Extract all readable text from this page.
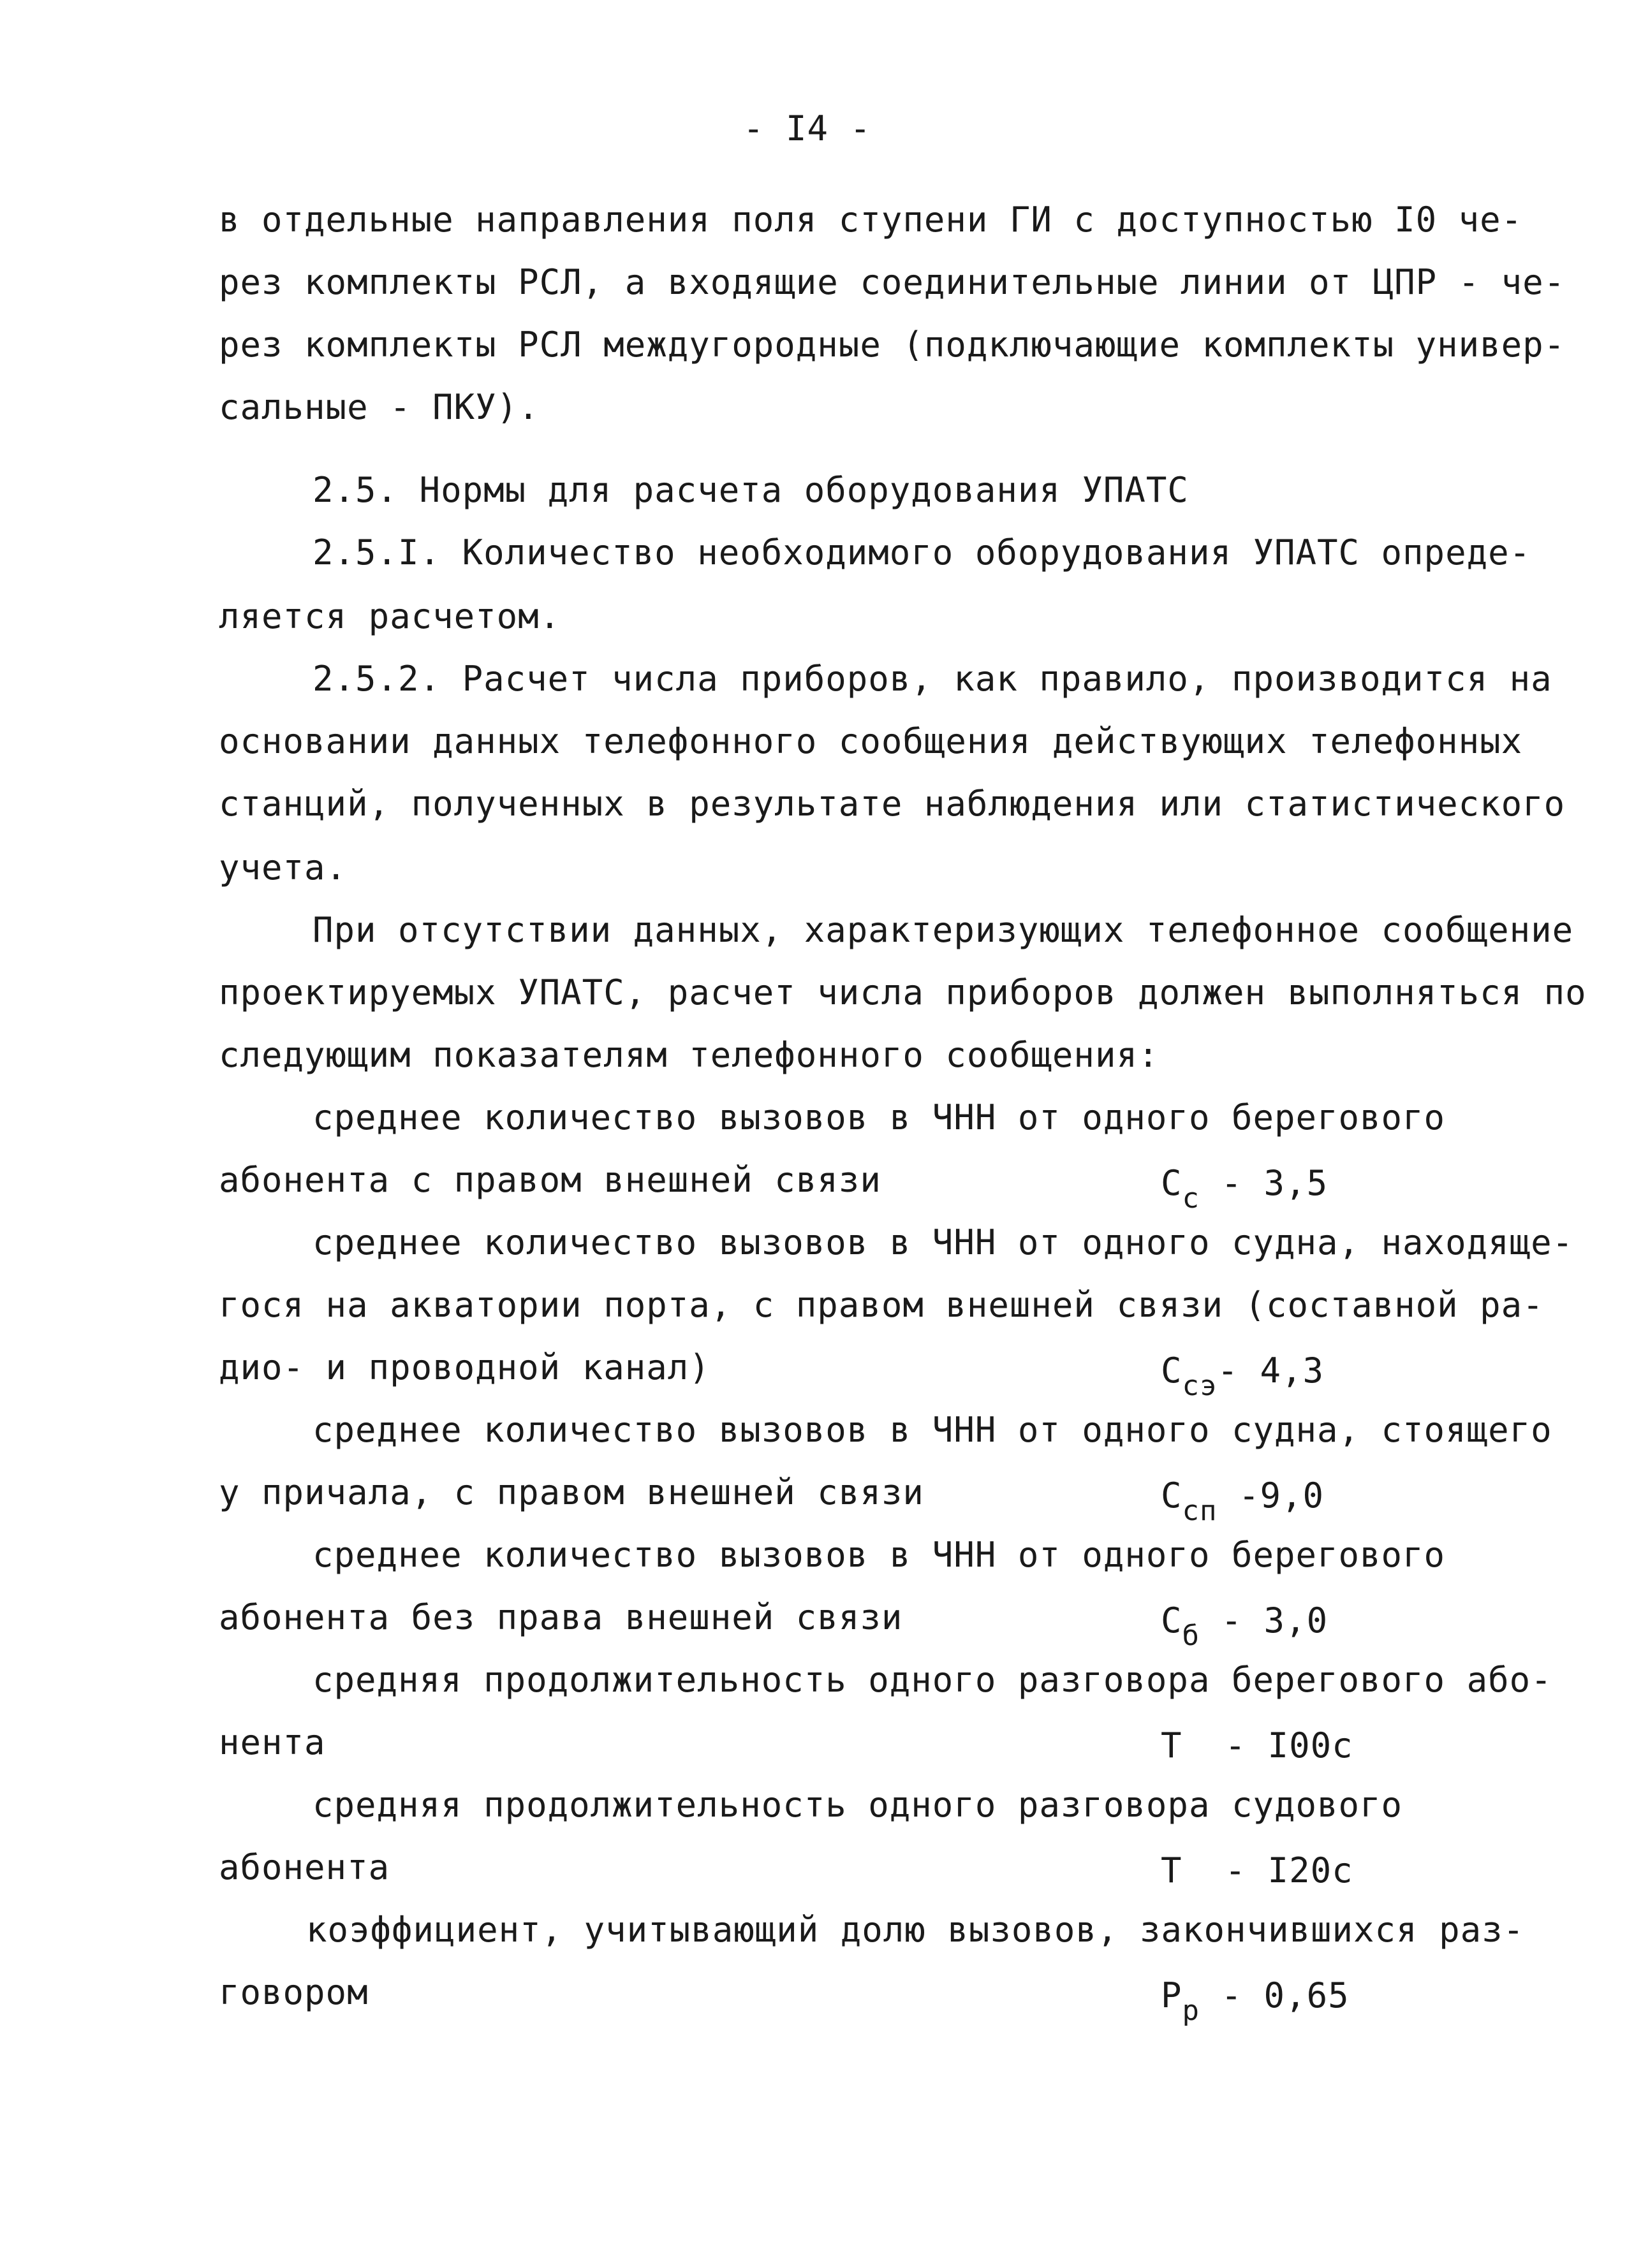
- I4 -
в отдельные направления поля ступени ГИ с доступностью I0 че-
рез комплекты РСЛ, а входящие соединительные линии от ЦПР - че-
рез комплекты РСЛ междугородные (подключающие комплекты универ-
сальные - ПКУ).
2.5. Нормы для расчета оборудования УПАТС
2.5.I. Количество необходимого оборудования УПАТС опреде-
ляется расчетом.
2.5.2. Расчет числа приборов, как правило, производится на
основании данных телефонного сообщения действующих телефонных
станций, полученных в результате наблюдения или статистического
учета.
При отсутствии данных, характеризующих телефонное сообщение
проектируемых УПАТС, расчет числа приборов должен выполняться по
следующим показателям телефонного сообщения:
среднее количество вызовов в ЧНН от одного берегового
абонента с правом внешней связи	$C_с - 3,5$
среднее количество вызовов в ЧНН от одного судна, находяще-
гося на акватории порта, с правом внешней связи (составной ра-
дио- и проводной канал)	$C_{сэ}-$ 4,3
среднее количество вызовов в ЧНН от одного судна, стоящего
у причала, с правом внешней связи	$C_{сп}$ -9,0
среднее количество вызовов в ЧНН от одного берегового
абонента без права внешней связи	$C_б - 3,0$
средняя продолжительность одного разговора берегового або-
нента	T  - I00c
средняя продолжительность одного разговора судового
абонента	T  - I20c
коэффициент, учитывающий долю вызовов, закончившихся раз-
говором	$P_р - 0,65$
